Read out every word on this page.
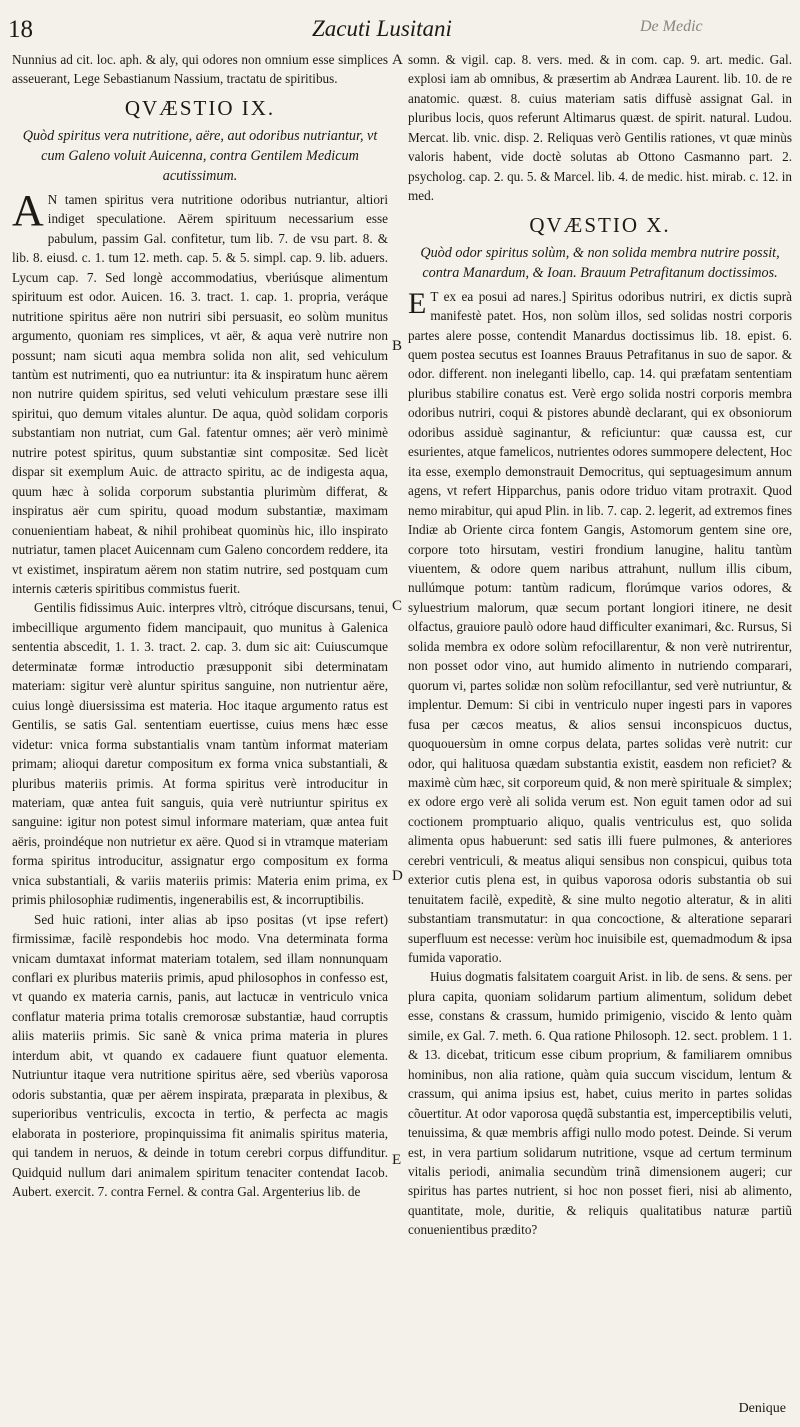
18	Zacuti Lusitani	De Medic

Nunnius ad cit. loc. aph. & aly, qui odores non omnium esse simplices asseuerant, Lege Sebastianum Nassium, tractatu de spiritibus.

QVÆSTIO IX.

Quòd spiritus vera nutritione, aëre, aut odoribus nutriantur, vt cum Galeno voluit Auicenna, contra Gentilem Medicum acutissimum.

A N tamen spiritus vera nutritione odoribus nutriantur, altiori indiget speculatione. Aërem spirituum necessarium esse pabulum, passim Gal. confitetur, tum lib. 7. de vsu part. 8. & lib. 8. eiusd. c. 1. tum 12. meth. cap. 5. & 5. simpl. cap. 9. lib. aduers. Lycum cap. 7. Sed longè accommodatius, vberiúsque alimentum spirituum est odor. Auicen. 16. 3. tract. 1. cap. 1. propria, veráque nutritione spiritus aëre non nutriri sibi persuasit, eo solùm munitus argumento, quoniam res simplices, vt aër, & aqua verè nutrire non possunt; nam sicuti aqua membra solida non alit, sed vehiculum tantùm est nutrimenti, quo ea nutriuntur: ita & inspiratum hunc aërem non nutrire quidem spiritus, sed veluti vehiculum præstare sese illi spiritui, quo demum vitales aluntur. De aqua, quòd solidam corporis substantiam non nutriat, cum Gal. fatentur omnes; aër verò minimè nutrire potest spiritus, quum substantiæ sint compositæ. Sed licèt dispar sit exemplum Auic. de attracto spiritu, ac de indigesta aqua, quum hæc à solida corporum substantia plurimùm differat, & inspiratus aër cum spiritu, quoad modum substantiæ, maximam conuenientiam habeat, & nihil prohibeat quominùs hic, illo inspirato nutriatur, tamen placet Auicennam cum Galeno concordem reddere, ita vt existimet, inspiratum aërem non statim nutrire, sed postquam cum internis cæteris spiritibus commistus fuerit.

Gentilis fidissimus Auic. interpres vltrò, citróque discursans, tenui, imbecillique argumento fidem mancipauit, quo munitus à Galenica sententia abscedit, 1. 1. 3. tract. 2. cap. 3. dum sic ait: Cuiuscumque determinatæ formæ introductio præsupponit sibi determinatam materiam: sigitur verè aluntur spiritus sanguine, non nutrientur aëre, cuius longè diuersissima est materia. Hoc itaque argumento ratus est Gentilis, se satis Gal. sententiam euertisse, cuius mens hæc esse videtur: vnica forma substantialis vnam tantùm informat materiam primam; alioqui daretur compositum ex forma vnica substantiali, & pluribus materiis primis. At forma spiritus verè introducitur in materiam, quæ antea fuit sanguis, quia verè nutriuntur spiritus ex sanguine: igitur non potest simul informare materiam, quæ antea fuit aëris, proindéque non nutrietur ex aëre. Quod si in vtramque materiam forma spiritus introducitur, assignatur ergo compositum ex forma vnica substantiali, & variis materiis primis: Materia enim prima, ex primis philosophiæ rudimentis, ingenerabilis est, & incorruptibilis.

Sed huic rationi, inter alias ab ipso positas (vt ipse refert) firmissimæ, facilè respondebis hoc modo. Vna determinata forma vnicam dumtaxat informat materiam totalem, sed illam nonnunquam conflari ex pluribus materiis primis, apud philosophos in confesso est, vt quando ex materia carnis, panis, aut lactucæ in ventriculo vnica conflatur materia prima totalis cremorosæ substantiæ, haud corruptis aliis materiis primis. Sic sanè & vnica prima materia in plures interdum abit, vt quando ex cadauere fiunt quatuor elementa. Nutriuntur itaque vera nutritione spiritus aëre, sed vberiùs vaporosa odoris substantia, quæ per aërem inspirata, præparata in plexibus, & superioribus ventriculis, excocta in tertio, & perfecta ac magis elaborata in posteriore, propinquissima fit animalis spiritus materia, qui tandem in neruos, & deinde in totum cerebri corpus diffunditur. Quidquid nullum dari animalem spiritum tenaciter contendat Iacob. Aubert. exercit. 7. contra Fernel. & contra Gal. Argenterius lib. de

A
B
C
D
E

somn. & vigil. cap. 8. vers. med. & in com. cap. 9. art. medic. Gal. explosi iam ab omnibus, & præsertim ab Andræa Laurent. lib. 10. de re anatomic. quæst. 8. cuius materiam satis diffusè assignat Gal. in pluribus locis, quos referunt Altimarus quæst. de spirit. natural. Ludou. Mercat. lib. vnic. disp. 2. Reliquas verò Gentilis rationes, vt quæ minùs valoris habent, vide doctè solutas ab Ottono Casmanno part. 2. psycholog. cap. 2. qu. 5. & Marcel. lib. 4. de medic. hist. mirab. c. 12. in med.

QVÆSTIO X.

Quòd odor spiritus solùm, & non solida membra nutrire possit, contra Manardum, & Ioan. Brauum Petrafitanum doctissimos.

E T ex ea posui ad nares.] Spiritus odoribus nutriri, ex dictis suprà manifestè patet. Hos, non solùm illos, sed solidas nostri corporis partes alere posse, contendit Manardus doctissimus lib. 18. epist. 6. quem postea secutus est Ioannes Brauus Petrafitanus in suo de sapor. & odor. different. non ineleganti libello, cap. 14. qui præfatam sententiam pluribus stabilire conatus est. Verè ergo solida nostri corporis membra odoribus nutriri, coqui & pistores abundè declarant, qui ex obsoniorum odoribus assiduè saginantur, & reficiuntur: quæ caussa est, cur esurientes, atque famelicos, nutrientes odores summopere delectent, Hoc ita esse, exemplo demonstrauit Democritus, qui septuagesimum annum agens, vt refert Hipparchus, panis odore triduo vitam protraxit. Quod nemo mirabitur, qui apud Plin. in lib. 7. cap. 2. legerit, ad extremos fines Indiæ ab Oriente circa fontem Gangis, Astomorum gentem sine ore, corpore toto hirsutam, vestiri frondium lanugine, halitu tantùm viuentem, & odore quem naribus attrahunt, nullum illis cibum, nullúmque potum: tantùm radicum, florúmque varios odores, & syluestrium malorum, quæ secum portant longiori itinere, ne desit olfactus, grauiore paulò odore haud difficulter exanimari, &c. Rursus, Si solida membra ex odore solùm refocillarentur, & non verè nutrirentur, non posset odor vino, aut humido alimento in nutriendo comparari, quorum vi, partes solidæ non solùm refocillantur, sed verè nutriuntur, & implentur. Demum: Si cibi in ventriculo nuper ingesti pars in vapores fusa per cæcos meatus, & alios sensui inconspicuos ductus, quoquouersùm in omne corpus delata, partes solidas verè nutrit: cur odor, qui halituosa quædam substantia existit, easdem non reficiet? & maximè cùm hæc, sit corporeum quid, & non merè spirituale & simplex; ex odore ergo verè ali solida verum est. Non eguit tamen odor ad sui coctionem promptuario aliquo, qualis ventriculus est, quo solida alimenta opus habuerunt: sed satis illi fuere pulmones, & anteriores cerebri ventriculi, & meatus aliqui sensibus non conspicui, quibus tota exterior cutis plena est, in quibus vaporosa odoris substantia ob sui tenuitatem facilè, expeditè, & sine multo negotio alteratur, & in aliti substantiam transmutatur: in qua concoctione, & alteratione separari superfluum est necesse: verùm hoc inuisibile est, quemadmodum & ipsa fumida vaporatio.

Huius dogmatis falsitatem coarguit Arist. in lib. de sens. & sens. per plura capita, quoniam solidarum partium alimentum, solidum debet esse, constans & crassum, humido primigenio, viscido & lento quàm simile, ex Gal. 7. meth. 6. Qua ratione Philosoph. 12. sect. problem. 1 1. & 13. dicebat, triticum esse cibum proprium, & familiarem omnibus hominibus, non alia ratione, quàm quia succum viscidum, lentum & crassum, qui anima ipsius est, habet, cuius merito in partes solidas cõuertitur. At odor vaporosa quędã substantia est, imperceptibilis veluti, tenuissima, & quæ membris affigi nullo modo potest. Deinde. Si verum est, in vera partium solidarum nutritione, vsque ad certum terminum vitalis periodi, animalia secundùm trinã dimensionem augeri; cur spiritus has partes nutrient, si hoc non posset fieri, nisi ab alimento, quantitate, mole, duritie, & reliquis qualitatibus naturæ partiũ conuenientibus prædito?

Denique
